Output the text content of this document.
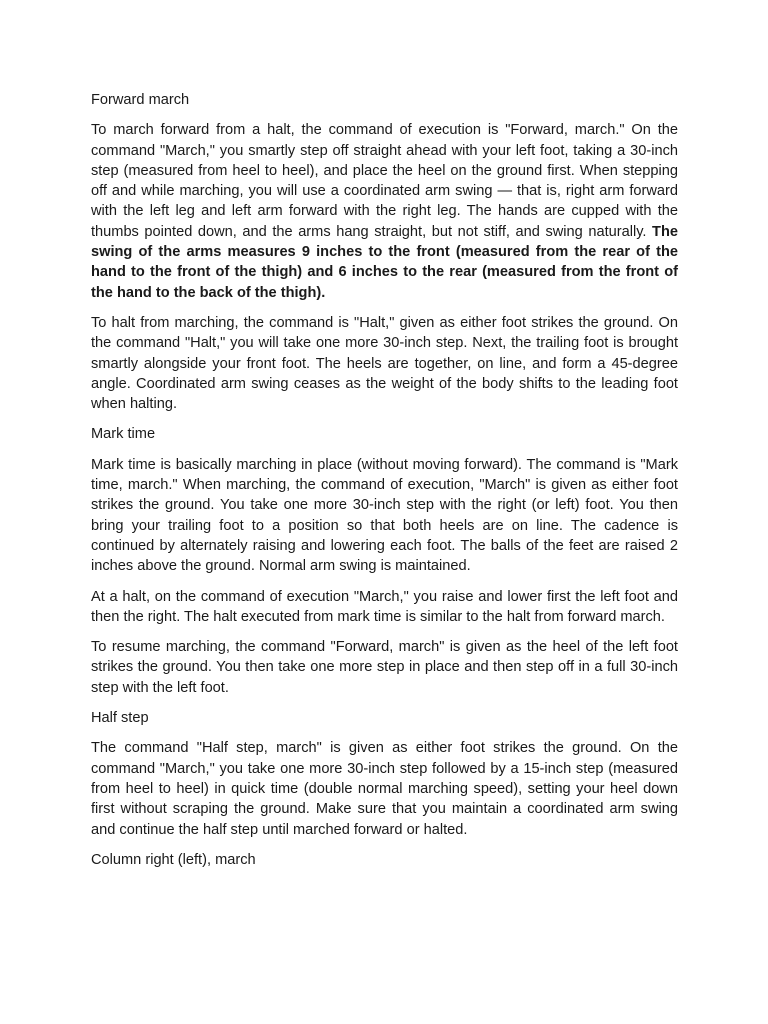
Forward march
To march forward from a halt, the command of execution is "Forward, march." On the command "March," you smartly step off straight ahead with your left foot, taking a 30-inch step (measured from heel to heel), and place the heel on the ground first. When stepping off and while marching, you will use a coordinated arm swing — that is, right arm forward with the left leg and left arm forward with the right leg. The hands are cupped with the thumbs pointed down, and the arms hang straight, but not stiff, and swing naturally. The swing of the arms measures 9 inches to the front (measured from the rear of the hand to the front of the thigh) and 6 inches to the rear (measured from the front of the hand to the back of the thigh).
To halt from marching, the command is "Halt," given as either foot strikes the ground. On the command "Halt," you will take one more 30-inch step. Next, the trailing foot is brought smartly alongside your front foot. The heels are together, on line, and form a 45-degree angle. Coordinated arm swing ceases as the weight of the body shifts to the leading foot when halting.
Mark time
Mark time is basically marching in place (without moving forward). The command is "Mark time, march." When marching, the command of execution, "March" is given as either foot strikes the ground. You take one more 30-inch step with the right (or left) foot. You then bring your trailing foot to a position so that both heels are on line. The cadence is continued by alternately raising and lowering each foot. The balls of the feet are raised 2 inches above the ground. Normal arm swing is maintained.
At a halt, on the command of execution "March," you raise and lower first the left foot and then the right. The halt executed from mark time is similar to the halt from forward march.
To resume marching, the command "Forward, march" is given as the heel of the left foot strikes the ground. You then take one more step in place and then step off in a full 30-inch step with the left foot.
Half step
The command "Half step, march" is given as either foot strikes the ground. On the command "March," you take one more 30-inch step followed by a 15-inch step (measured from heel to heel) in quick time (double normal marching speed), setting your heel down first without scraping the ground. Make sure that you maintain a coordinated arm swing and continue the half step until marched forward or halted.
Column right (left), march
